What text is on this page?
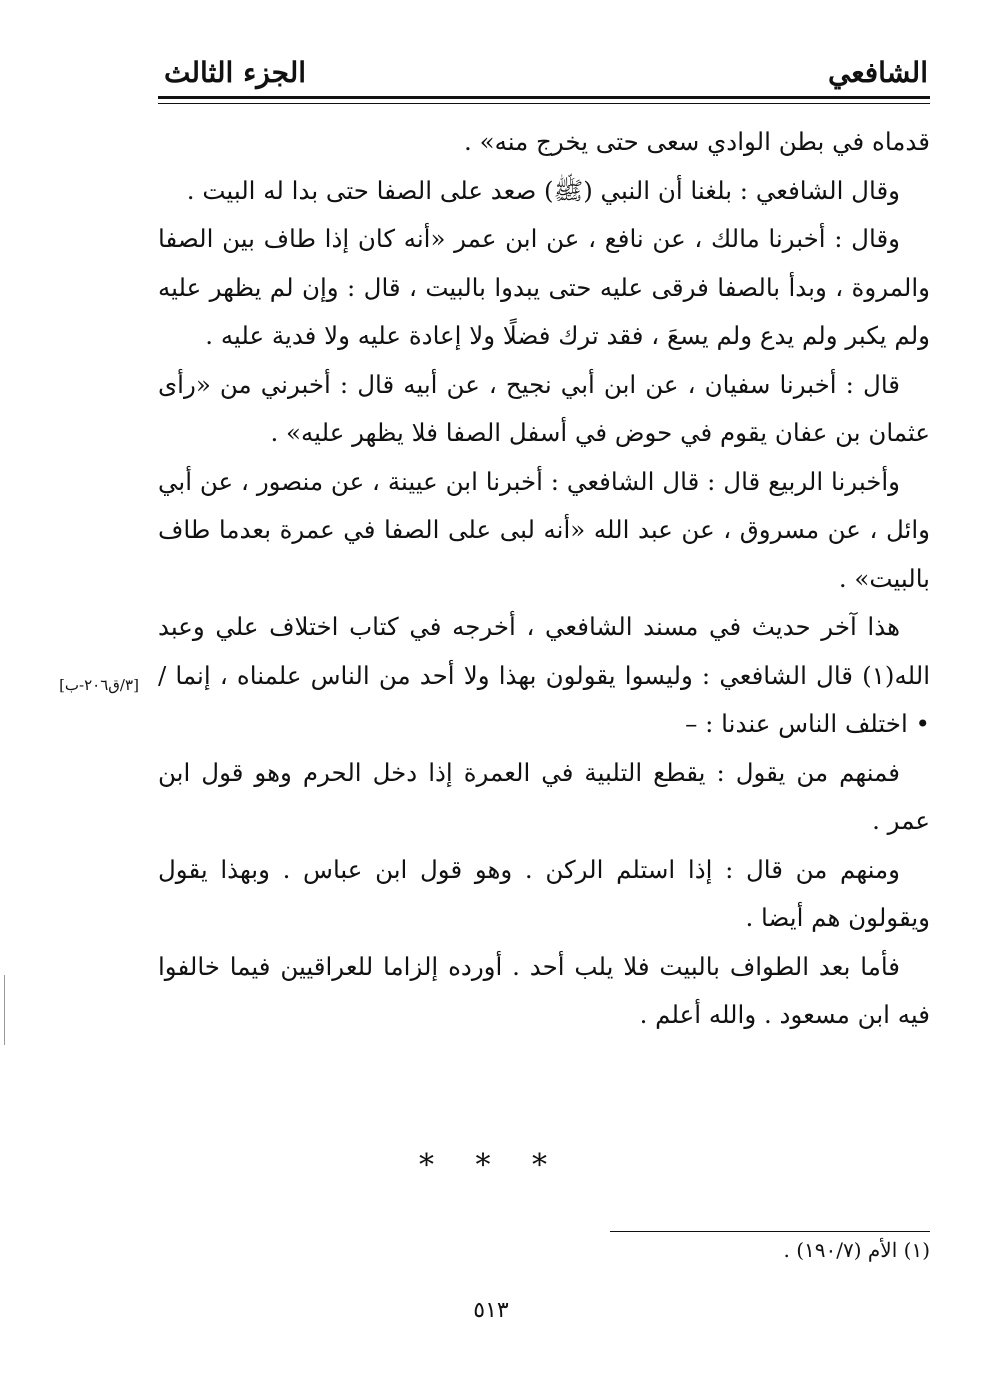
الشافعي
الجزء الثالث

قدماه في بطن الوادي سعى حتى يخرج منه» .

وقال الشافعي : بلغنا أن النبي (ﷺ) صعد على الصفا حتى بدا له البيت .

وقال : أخبرنا مالك ، عن نافع ، عن ابن عمر «أنه كان إذا طاف بين الصفا والمروة ، وبدأ بالصفا فرقى عليه حتى يبدوا بالبيت ، قال : وإن لم يظهر عليه ولم يكبر ولم يدع ولم يسعَ ، فقد ترك فضلًا ولا إعادة عليه ولا فدية عليه .

قال : أخبرنا سفيان ، عن ابن أبي نجيح ، عن أبيه قال : أخبرني من «رأى عثمان بن عفان يقوم في حوض في أسفل الصفا فلا يظهر عليه» .

وأخبرنا الربيع قال : قال الشافعي : أخبرنا ابن عيينة ، عن منصور ، عن أبي وائل ، عن مسروق ، عن عبد الله «أنه لبى على الصفا في عمرة بعدما طاف بالبيت» .

هذا آخر حديث في مسند الشافعي ، أخرجه في كتاب اختلاف علي وعبد الله(١) قال الشافعي : وليسوا يقولون بهذا ولا أحد من الناس علمناه ، إنما / • اختلف الناس عندنا : –

فمنهم من يقول : يقطع التلبية في العمرة إذا دخل الحرم وهو قول ابن عمر .

ومنهم من قال : إذا استلم الركن . وهو قول ابن عباس . وبهذا يقول ويقولون هم أيضا .

فأما بعد الطواف بالبيت فلا يلب أحد . أورده إلزاما للعراقيين فيما خالفوا فيه ابن مسعود . والله أعلم .

[٣/ق٢٠٦-ب]
* * *
(١) الأم (١٩٠/٧) .
٥١٣
